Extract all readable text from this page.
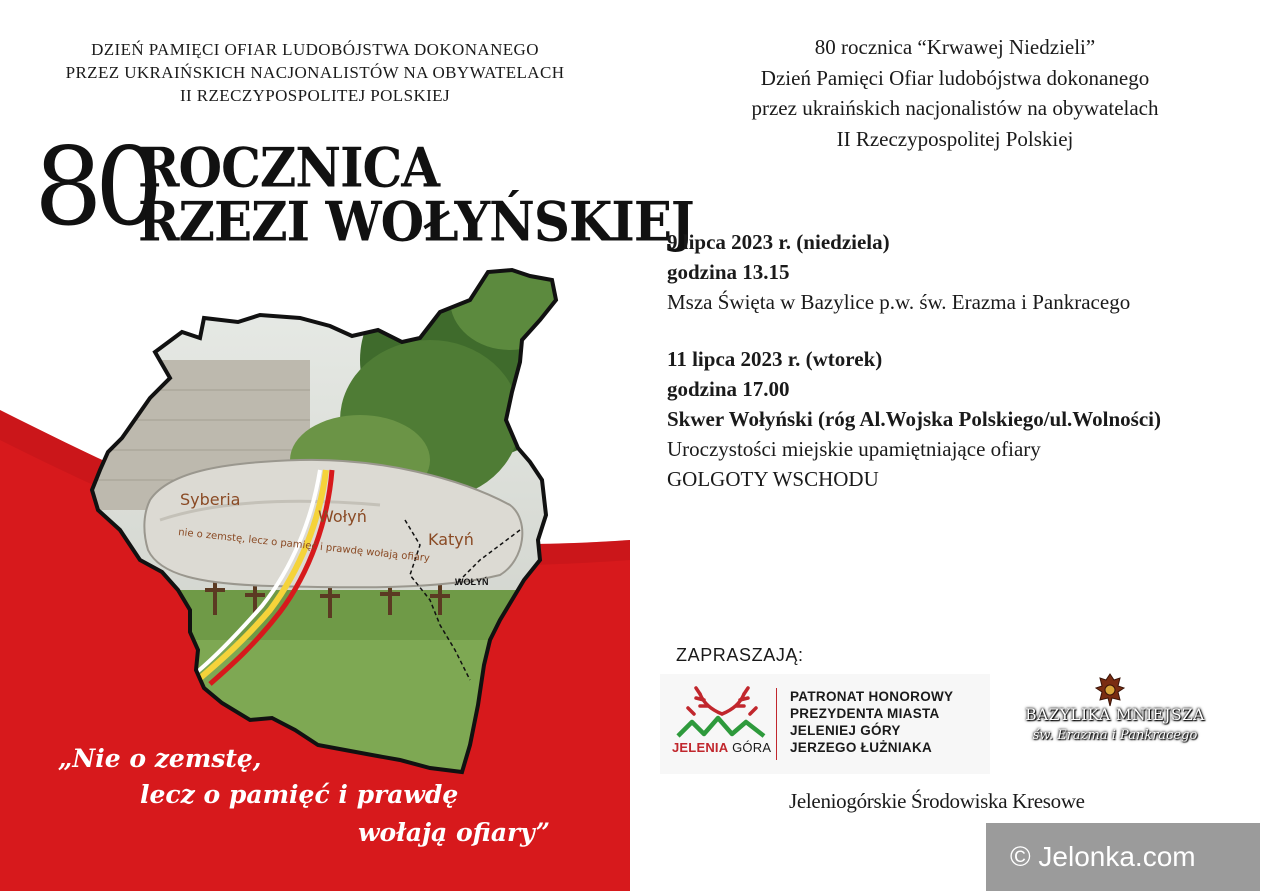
DZIEŃ PAMIĘCI OFIAR LUDOBÓJSTWA DOKONANEGO
PRZEZ UKRAIŃSKICH NACJONALISTÓW NA OBYWATELACH
II RZECZYPOSPOLITEJ POLSKIEJ
80
ROCZNICA
RZEZI WOŁYŃSKIEJ
Syberia
Wołyń
Katyń
nie o zemstę, lecz o pamięć i prawdę wołają ofiary
WOŁYŃ
„Nie o zemstę,
lecz o pamięć i prawdę
wołają ofiary”
80 rocznica “Krwawej Niedzieli”
Dzień Pamięci Ofiar ludobójstwa dokonanego
przez ukraińskich nacjonalistów na obywatelach
II Rzeczypospolitej Polskiej
9 lipca 2023 r. (niedziela)
godzina 13.15
Msza Święta w Bazylice p.w. św. Erazma i Pankracego
11 lipca 2023 r. (wtorek)
godzina 17.00
Skwer Wołyński (róg Al.Wojska Polskiego/ul.Wolności)
Uroczystości miejskie upamiętniające ofiary
GOLGOTY WSCHODU
ZAPRASZAJĄ:
JELENIA GÓRA
PATRONAT HONOROWY
PREZYDENTA MIASTA
JELENIEJ GÓRY
JERZEGO ŁUŻNIAKA
BAZYLIKA MNIEJSZA
św. Erazma i Pankracego
Jeleniogórskie Środowiska Kresowe
© Jelonka.com
